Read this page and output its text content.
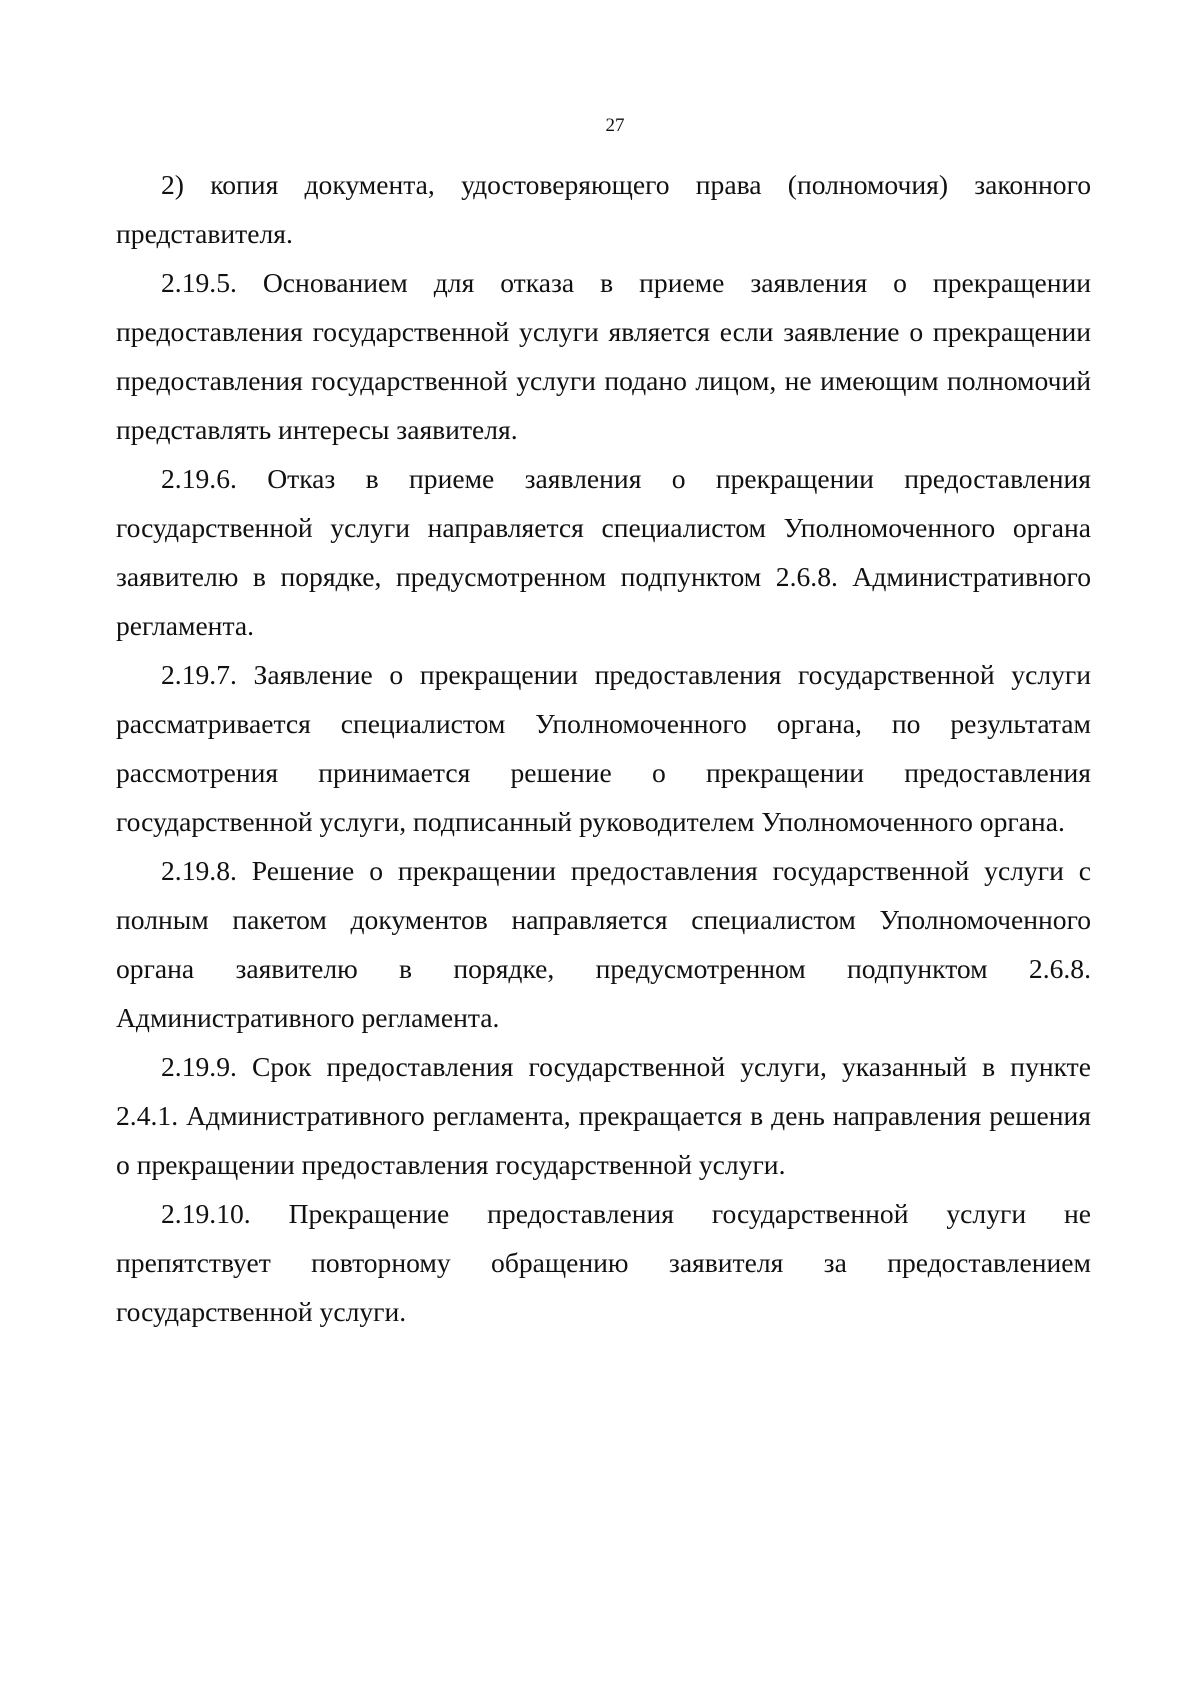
27

2) копия документа, удостоверяющего права (полномочия) законного представителя.

2.19.5. Основанием для отказа в приеме заявления о прекращении предоставления государственной услуги является если заявление о прекращении предоставления государственной услуги подано лицом, не имеющим полномочий представлять интересы заявителя.

2.19.6. Отказ в приеме заявления о прекращении предоставления государственной услуги направляется специалистом Уполномоченного органа заявителю в порядке, предусмотренном подпунктом 2.6.8. Административного регламента.

2.19.7. Заявление о прекращении предоставления государственной услуги рассматривается специалистом Уполномоченного органа, по результатам рассмотрения принимается решение о прекращении предоставления государственной услуги, подписанный руководителем Уполномоченного органа.

2.19.8. Решение о прекращении предоставления государственной услуги с полным пакетом документов направляется специалистом Уполномоченного органа заявителю в порядке, предусмотренном подпунктом 2.6.8. Административного регламента.

2.19.9. Срок предоставления государственной услуги, указанный в пункте 2.4.1. Административного регламента, прекращается в день направления решения о прекращении предоставления государственной услуги.

2.19.10. Прекращение предоставления государственной услуги не препятствует повторному обращению заявителя за предоставлением государственной услуги.
